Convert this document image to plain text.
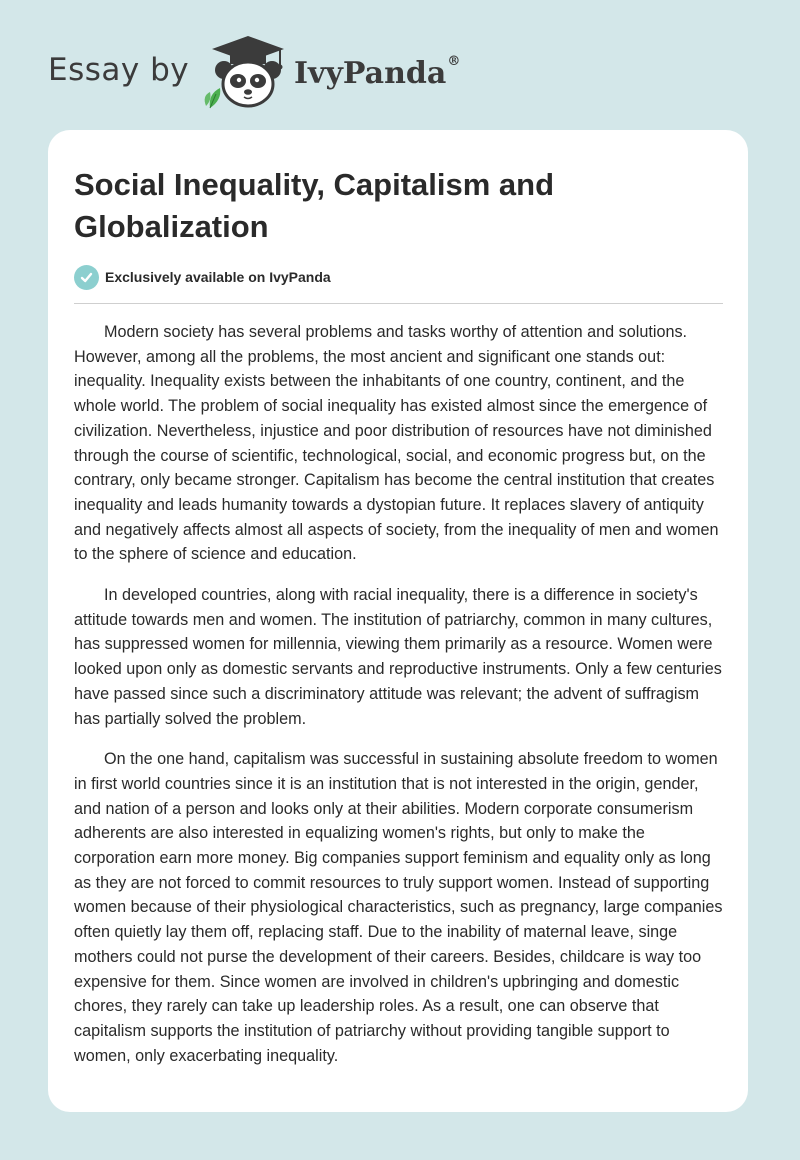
Essay by	IvyPanda®
Social Inequality, Capitalism and Globalization
Exclusively available on IvyPanda

Modern society has several problems and tasks worthy of attention and solutions. However, among all the problems, the most ancient and significant one stands out: inequality. Inequality exists between the inhabitants of one country, continent, and the whole world. The problem of social inequality has existed almost since the emergence of civilization. Nevertheless, injustice and poor distribution of resources have not diminished through the course of scientific, technological, social, and economic progress but, on the contrary, only became stronger. Capitalism has become the central institution that creates inequality and leads humanity towards a dystopian future. It replaces slavery of antiquity and negatively affects almost all aspects of society, from the inequality of men and women to the sphere of science and education.

In developed countries, along with racial inequality, there is a difference in society's attitude towards men and women. The institution of patriarchy, common in many cultures, has suppressed women for millennia, viewing them primarily as a resource. Women were looked upon only as domestic servants and reproductive instruments. Only a few centuries have passed since such a discriminatory attitude was relevant; the advent of suffragism has partially solved the problem.

On the one hand, capitalism was successful in sustaining absolute freedom to women in first world countries since it is an institution that is not interested in the origin, gender, and nation of a person and looks only at their abilities. Modern corporate consumerism adherents are also interested in equalizing women's rights, but only to make the corporation earn more money. Big companies support feminism and equality only as long as they are not forced to commit resources to truly support women. Instead of supporting women because of their physiological characteristics, such as pregnancy, large companies often quietly lay them off, replacing staff. Due to the inability of maternal leave, singe mothers could not purse the development of their careers. Besides, childcare is way too expensive for them. Since women are involved in children's upbringing and domestic chores, they rarely can take up leadership roles. As a result, one can observe that capitalism supports the institution of patriarchy without providing tangible support to women, only exacerbating inequality.
